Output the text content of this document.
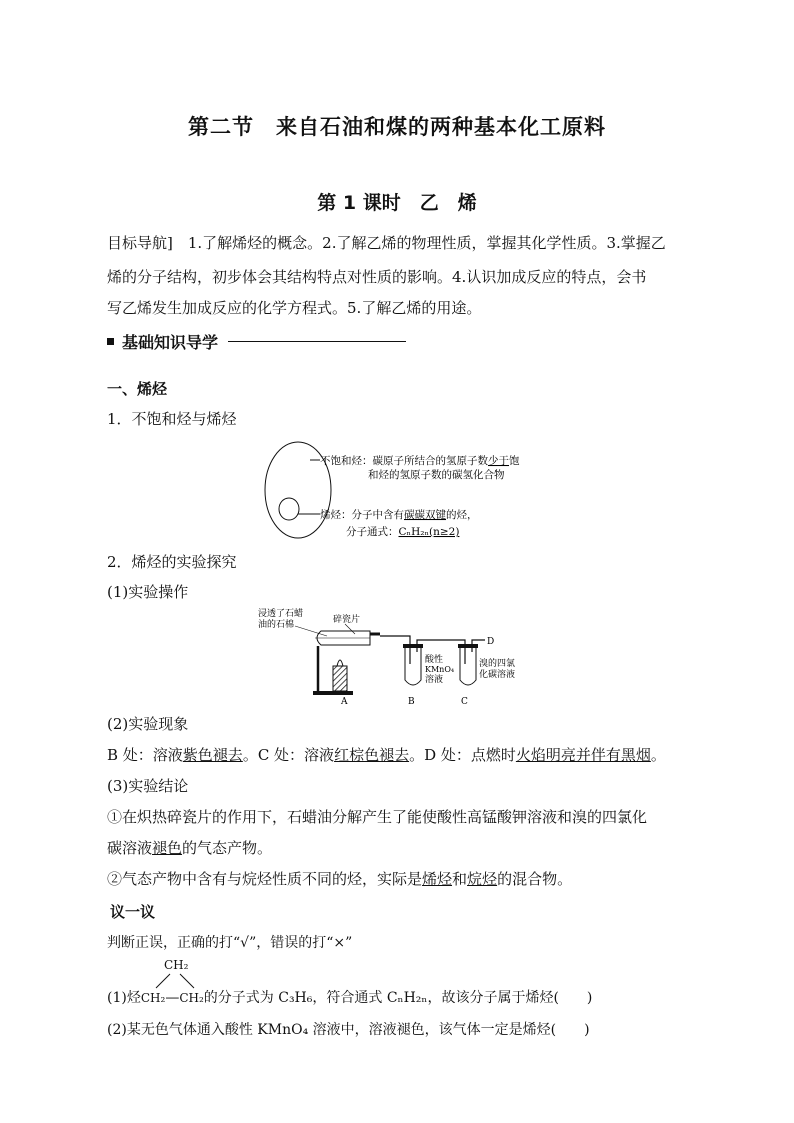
第二节　来自石油和煤的两种基本化工原料
第 1 课时　乙　烯
目标导航]　1.了解烯烃的概念。2.了解乙烯的物理性质，掌握其化学性质。3.掌握乙
烯的分子结构，初步体会其结构特点对性质的影响。4.认识加成反应的特点，会书
写乙烯发生加成反应的化学方程式。5.了解乙烯的用途。
基础知识导学
一、烯烃
1．不饱和烃与烯烃
不饱和烃：碳原子所结合的氢原子数少于饱
和烃的氢原子数的碳氢化合物
烯烃：分子中含有碳碳双键的烃，
分子通式：CₙH₂ₙ(n≥2)
2．烯烃的实验探究
(1)实验操作
浸透了石蜡
油的石棉	碎瓷片
酸性
KMnO₄
溶液
溴的四氯
化碳溶液
A	B	C
D
(2)实验现象
B 处：溶液紫色褪去。C 处：溶液红棕色褪去。D 处：点燃时火焰明亮并伴有黑烟。
(3)实验结论
①在炽热碎瓷片的作用下，石蜡油分解产生了能使酸性高锰酸钾溶液和溴的四氯化
碳溶液褪色的气态产物。
②气态产物中含有与烷烃性质不同的烃，实际是烯烃和烷烃的混合物。
议一议
判断正误，正确的打“√”，错误的打“×”
CH₂
(1)烃CH₂—CH₂的分子式为 C₃H₆，符合通式 CₙH₂ₙ，故该分子属于烯烃(　　)
(2)某无色气体通入酸性 KMnO₄ 溶液中，溶液褪色，该气体一定是烯烃(　　)
